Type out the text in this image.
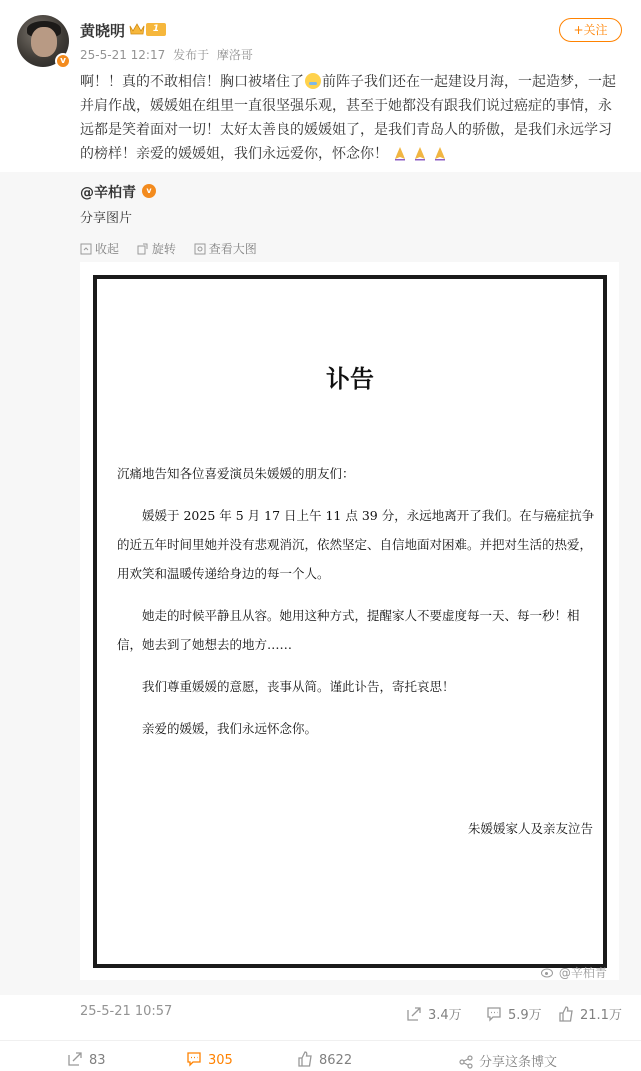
v
黄晓明	1
25-5-21 12:17 发布于 摩洛哥
+关注
啊！！真的不敢相信！胸口被堵住了 前阵子我们还在一起建设月海，一起造梦，一起并肩作战，媛媛姐在组里一直很坚强乐观，甚至于她都没有跟我们说过癌症的事情，永远都是笑着面对一切！太好太善良的媛媛姐了，是我们青岛人的骄傲，是我们永远学习的榜样！亲爱的媛媛姐，我们永远爱你，怀念你！
@辛柏青	v
分享图片
收起	旋转	查看大图
讣告

沉痛地告知各位喜爱演员朱媛媛的朋友们：

媛媛于 2025 年 5 月 17 日上午 11 点 39 分，永远地离开了我们。在与癌症抗争的近五年时间里她并没有悲观消沉，依然坚定、自信地面对困难。并把对生活的热爱，用欢笑和温暖传递给身边的每一个人。

她走的时候平静且从容。她用这种方式，提醒家人不要虚度每一天、每一秒！相信，她去到了她想去的地方……

我们尊重媛媛的意愿，丧事从简。谨此讣告，寄托哀思！

亲爱的媛媛，我们永远怀念你。

朱媛媛家人及亲友泣告
@辛柏青
25-5-21 10:57	3.4万	5.9万	21.1万
83	305	8622	分享这条博文
